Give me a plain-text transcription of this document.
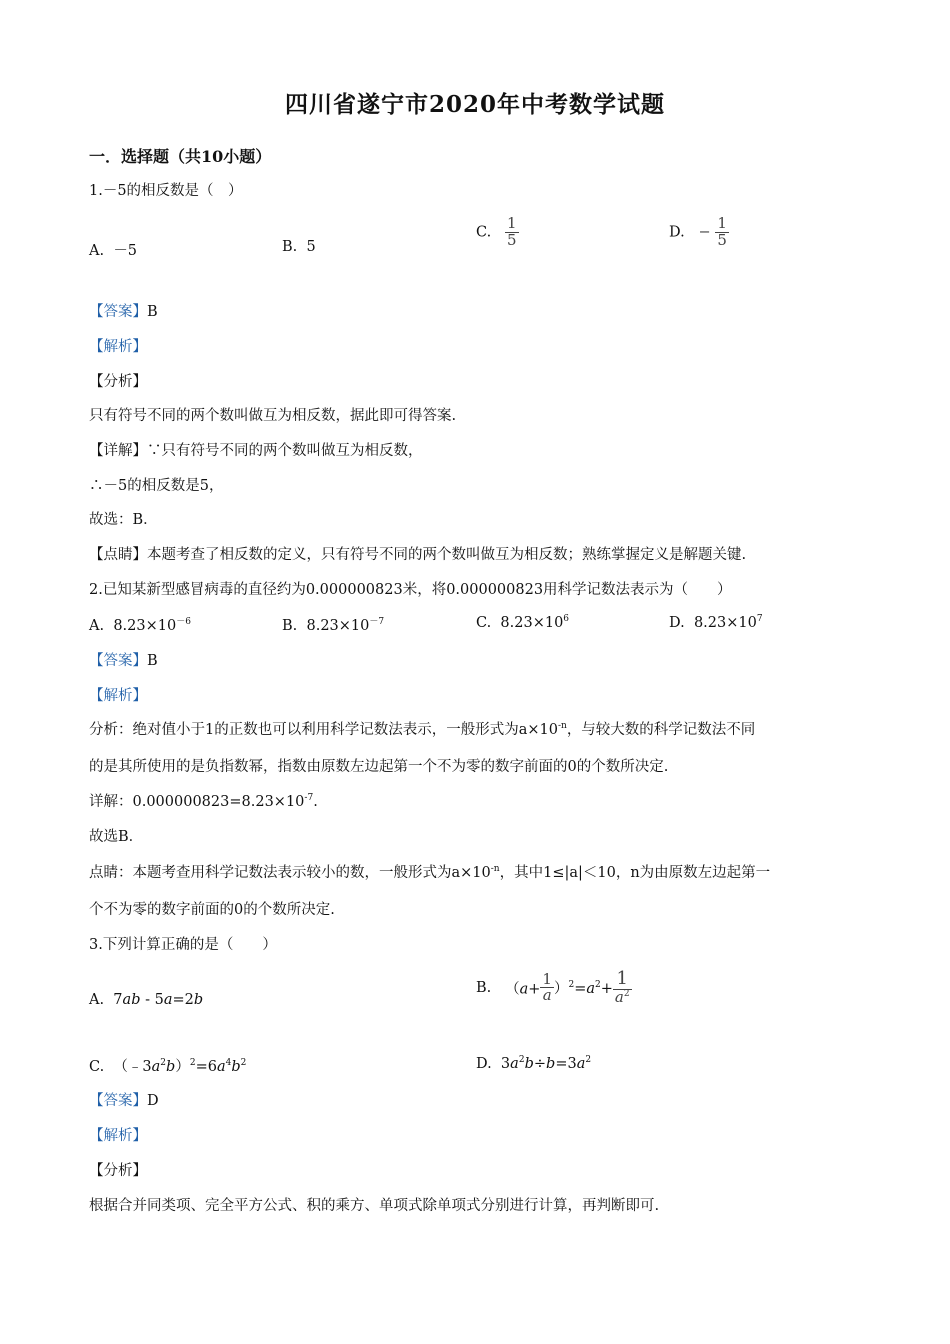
四川省遂宁市2020年中考数学试题
一．选择题（共10小题）
1.－5的相反数是（　）
A. －5	B. 5
C. $\frac{1}{5}$	D. − $\frac{1}{5}$
【答案】B
【解析】
【分析】
只有符号不同的两个数叫做互为相反数，据此即可得答案.
【详解】∵只有符号不同的两个数叫做互为相反数，
∴－5的相反数是5，
故选：B．
【点睛】本题考查了相反数的定义，只有符号不同的两个数叫做互为相反数；熟练掌握定义是解题关键.
2.已知某新型感冒病毒的直径约为0.000000823米，将0.000000823用科学记数法表示为（　　）
A. $8.23\times 10^{-6}$	B. $8.23\times 10^{-7}$	C. $8.23\times 10^6$	D. $8.23\times 10^7$
【答案】B
【解析】
分析：绝对值小于1的正数也可以利用科学记数法表示，一般形式为$a\times 10^{-n}$，与较大数的科学记数法不同
的是其所使用的是负指数幂，指数由原数左边起第一个不为零的数字前面的0的个数所决定.
详解：$0.000000823=8.23\times 10^{-7}$.
故选B．
点睛：本题考查用科学记数法表示较小的数，一般形式为$a\times 10^{-n}$，其中1≤|a|＜10，n为由原数左边起第一
个不为零的数字前面的0的个数所决定.
3.下列计算正确的是（　　）
A.  7ab - 5a=2b
B. $(a+ \frac{1}{a} )^2=a^2+ \frac{1}{a^2}$
C.  $(﹣3a^2b)^2=6a^4b^2$	D.  $3a^2b\div b=3a^2$
【答案】D
【解析】
【分析】
根据合并同类项、完全平方公式、积的乘方、单项式除单项式分别进行计算，再判断即可.
